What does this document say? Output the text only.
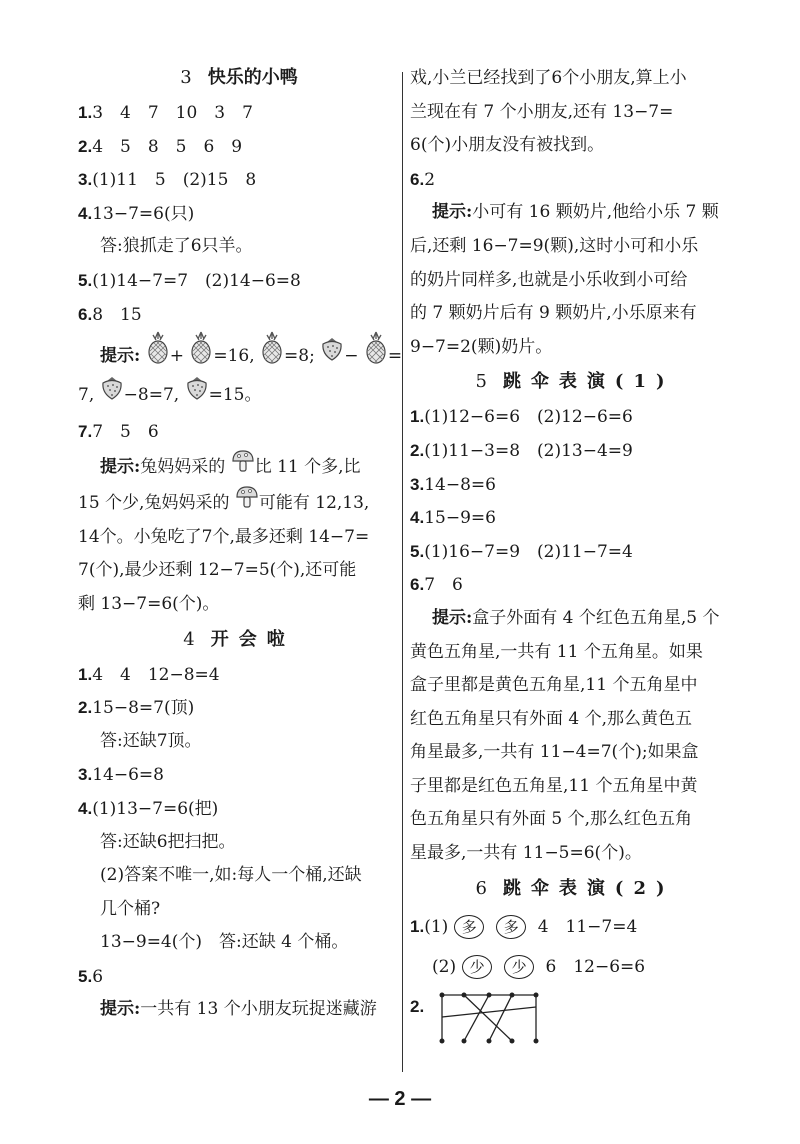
3 快乐的小鸭
1.3　4　7　10　3　7
2.4　5　8　5　6　9
3.(1)11　5　(2)15　8
4.13−7=6(只)
答:狼抓走了6只羊。
5.(1)14−7=7　(2)14−6=8
6.8　15
提示: + =16, =8; − =
7, −8=7, =15。
7.7　5　6
提示:兔妈妈采的 比 11 个多,比
15 个少,兔妈妈采的 可能有 12,13,
14个。小兔吃了7个,最多还剩 14−7=
7(个),最少还剩 12−7=5(个),还可能
剩 13−7=6(个)。
4 开会啦
1.4　4　12−8=4
2.15−8=7(顶)
答:还缺7顶。
3.14−6=8
4.(1)13−7=6(把)
答:还缺6把扫把。
(2)答案不唯一,如:每人一个桶,还缺
几个桶?
13−9=4(个)　答:还缺 4 个桶。
5.6
提示:一共有 13 个小朋友玩捉迷藏游
戏,小兰已经找到了6个小朋友,算上小
兰现在有 7 个小朋友,还有 13−7=
6(个)小朋友没有被找到。
6.2
提示:小可有 16 颗奶片,他给小乐 7 颗
后,还剩 16−7=9(颗),这时小可和小乐
的奶片同样多,也就是小乐收到小可给
的 7 颗奶片后有 9 颗奶片,小乐原来有
9−7=2(颗)奶片。
5 跳伞表演(1)
1.(1)12−6=6　(2)12−6=6
2.(1)11−3=8　(2)13−4=9
3.14−8=6
4.15−9=6
5.(1)16−7=9　(2)11−7=4
6.7　6
提示:盒子外面有 4 个红色五角星,5 个
黄色五角星,一共有 11 个五角星。如果
盒子里都是黄色五角星,11 个五角星中
红色五角星只有外面 4 个,那么黄色五
角星最多,一共有 11−4=7(个);如果盒
子里都是红色五角星,11 个五角星中黄
色五角星只有外面 5 个,那么红色五角
星最多,一共有 11−5=6(个)。
6 跳伞表演(2)
1.(1) 多 多 4　11−7=4
(2) 少 少 6　12−6=6
2.
— 2 —
